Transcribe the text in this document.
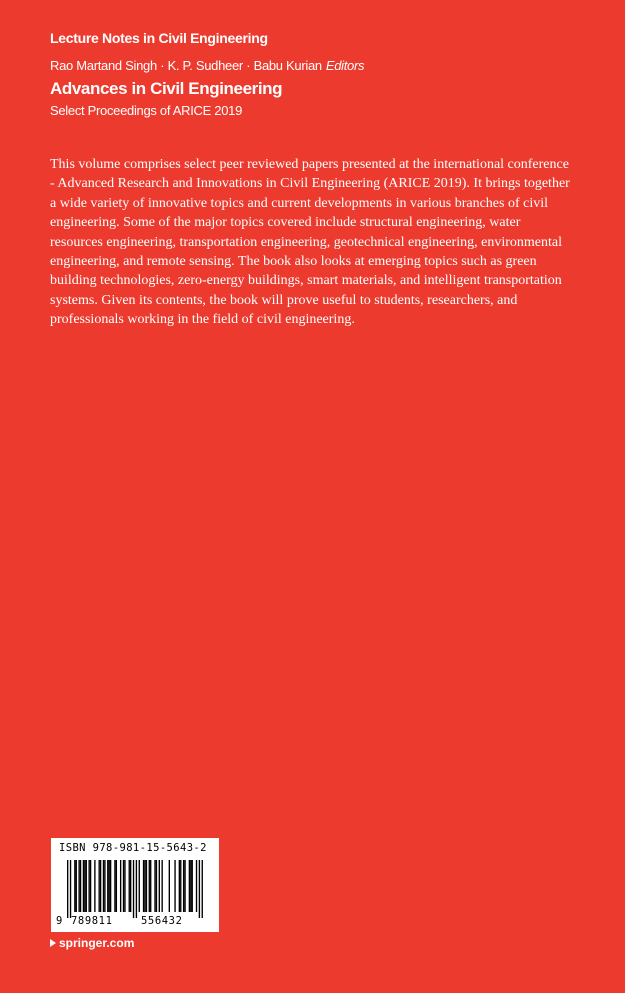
Lecture Notes in Civil Engineering
Rao Martand Singh · K. P. Sudheer · Babu Kurian Editors
Advances in Civil Engineering
Select Proceedings of ARICE 2019

This volume comprises select peer reviewed papers presented at the international conference - Advanced Research and Innovations in Civil Engineering (ARICE 2019). It brings together a wide variety of innovative topics and current developments in various branches of civil engineering. Some of the major topics covered include structural engineering, water resources engineering, transportation engineering, geotechnical engineering, environmental engineering, and remote sensing. The book also looks at emerging topics such as green building technologies, zero-energy buildings, smart materials, and intelligent transportation systems. Given its contents, the book will prove useful to students, researchers, and professionals working in the field of civil engineering.

ISBN 978-981-15-5643-2
9 789811	556432
springer.com
